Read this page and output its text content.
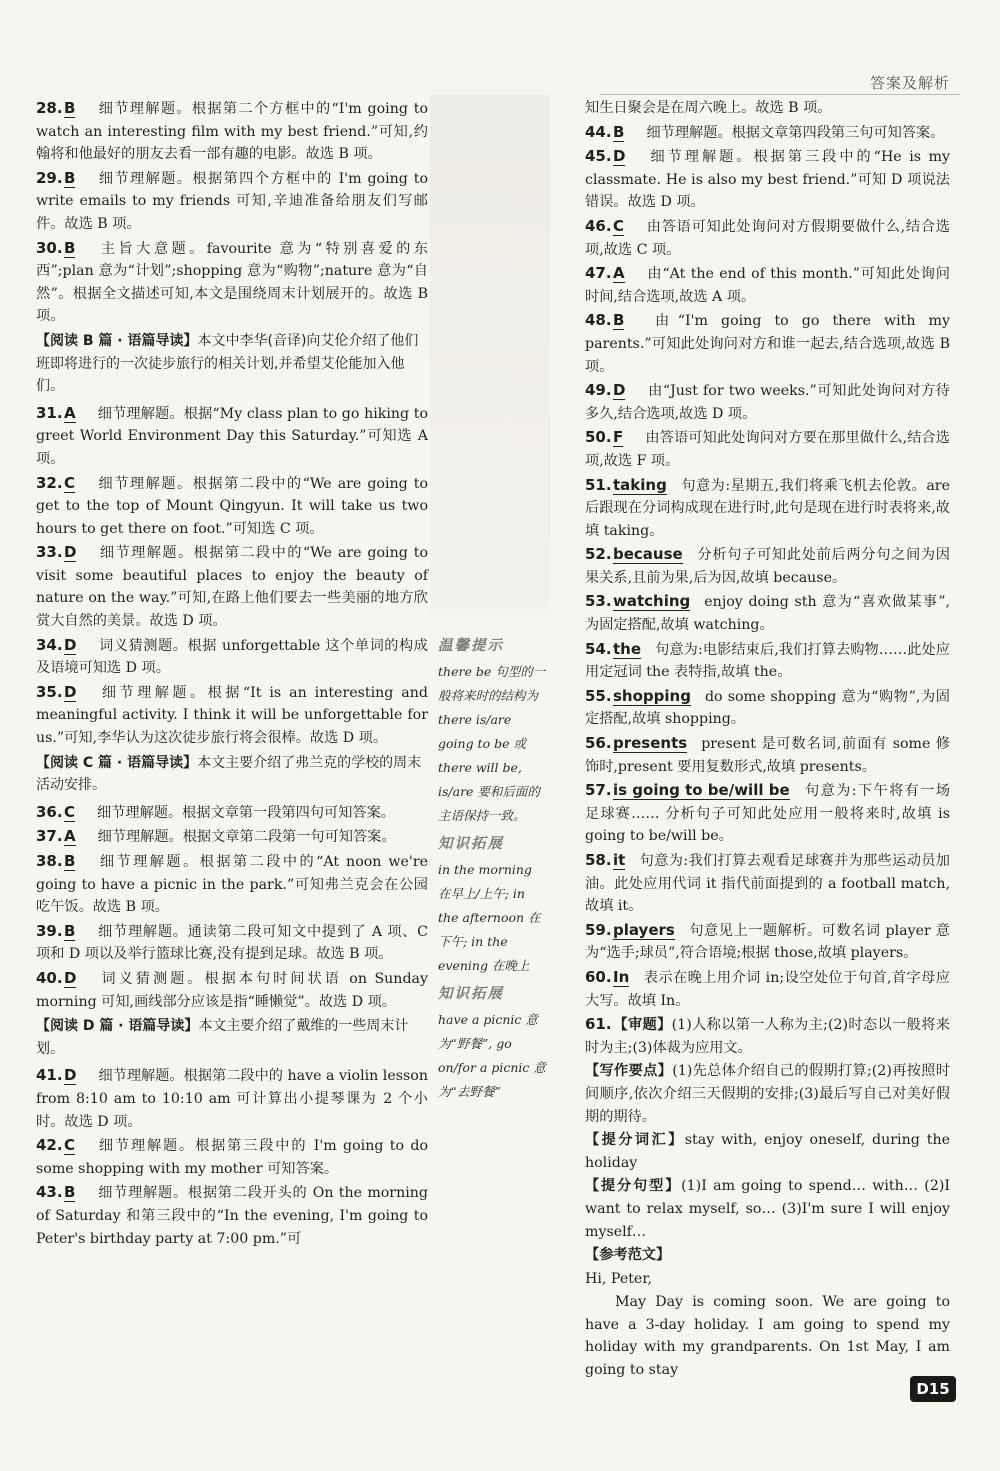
答案及解析
28.B 细节理解题。根据第二个方框中的“I'm going to watch an interesting film with my best friend.”可知,约翰将和他最好的朋友去看一部有趣的电影。故选 B 项。
29.B 细节理解题。根据第四个方框中的 I'm going to write emails to my friends 可知,辛迪准备给朋友们写邮件。故选 B 项。
30.B 主旨大意题。favourite 意为“特别喜爱的东西”;plan 意为“计划”;shopping 意为“购物”;nature 意为“自然”。根据全文描述可知,本文是围绕周末计划展开的。故选 B 项。
【阅读 B 篇 · 语篇导读】本文中李华(音译)向艾伦介绍了他们班即将进行的一次徒步旅行的相关计划,并希望艾伦能加入他们。
31.A 细节理解题。根据“My class plan to go hiking to greet World Environment Day this Saturday.”可知选 A 项。
32.C 细节理解题。根据第二段中的“We are going to get to the top of Mount Qingyun. It will take us two hours to get there on foot.”可知选 C 项。
33.D 细节理解题。根据第二段中的“We are going to visit some beautiful places to enjoy the beauty of nature on the way.”可知,在路上他们要去一些美丽的地方欣赏大自然的美景。故选 D 项。
34.D 词义猜测题。根据 unforgettable 这个单词的构成及语境可知选 D 项。
35.D 细节理解题。根据“It is an interesting and meaningful activity. I think it will be unforgettable for us.”可知,李华认为这次徒步旅行将会很棒。故选 D 项。
【阅读 C 篇 · 语篇导读】本文主要介绍了弗兰克的学校的周末活动安排。
36.C 细节理解题。根据文章第一段第四句可知答案。
37.A 细节理解题。根据文章第二段第一句可知答案。
38.B 细节理解题。根据第二段中的“At noon we're going to have a picnic in the park.”可知弗兰克会在公园吃午饭。故选 B 项。
39.B 细节理解题。通读第二段可知文中提到了 A 项、C 项和 D 项以及举行篮球比赛,没有提到足球。故选 B 项。
40.D 词义猜测题。根据本句时间状语 on Sunday morning 可知,画线部分应该是指“睡懒觉”。故选 D 项。
【阅读 D 篇 · 语篇导读】本文主要介绍了戴维的一些周末计划。
41.D 细节理解题。根据第二段中的 have a violin lesson from 8:10 am to 10:10 am 可计算出小提琴课为 2 个小时。故选 D 项。
42.C 细节理解题。根据第三段中的 I'm going to do some shopping with my mother 可知答案。
43.B 细节理解题。根据第二段开头的 On the morning of Saturday 和第三段中的“In the evening, I'm going to Peter's birthday party at 7:00 pm.”可
温馨提示
there be 句型的一般将来时的结构为 there is/are going to be 或 there will be, is/are 要和后面的主语保持一致。
知识拓展
in the morning 在早上/上午; in the afternoon 在下午; in the evening 在晚上
知识拓展
have a picnic 意为“野餐”, go on/for a picnic 意为“去野餐”
知生日聚会是在周六晚上。故选 B 项。
44.B 细节理解题。根据文章第四段第三句可知答案。
45.D 细节理解题。根据第三段中的“He is my classmate. He is also my best friend.”可知 D 项说法错误。故选 D 项。
46.C 由答语可知此处询问对方假期要做什么,结合选项,故选 C 项。
47.A 由“At the end of this month.”可知此处询问时间,结合选项,故选 A 项。
48.B 由“I'm going to go there with my parents.”可知此处询问对方和谁一起去,结合选项,故选 B 项。
49.D 由“Just for two weeks.”可知此处询问对方待多久,结合选项,故选 D 项。
50.F 由答语可知此处询问对方要在那里做什么,结合选项,故选 F 项。
51.taking 句意为:星期五,我们将乘飞机去伦敦。are 后跟现在分词构成现在进行时,此句是现在进行时表将来,故填 taking。
52.because 分析句子可知此处前后两分句之间为因果关系,且前为果,后为因,故填 because。
53.watching enjoy doing sth 意为“喜欢做某事”,为固定搭配,故填 watching。
54.the 句意为:电影结束后,我们打算去购物……此处应用定冠词 the 表特指,故填 the。
55.shopping do some shopping 意为“购物”,为固定搭配,故填 shopping。
56.presents present 是可数名词,前面有 some 修饰时,present 要用复数形式,故填 presents。
57.is going to be/will be 句意为:下午将有一场足球赛…… 分析句子可知此处应用一般将来时,故填 is going to be/will be。
58.it 句意为:我们打算去观看足球赛并为那些运动员加油。此处应用代词 it 指代前面提到的 a football match,故填 it。
59.players 句意见上一题解析。可数名词 player 意为“选手;球员”,符合语境;根据 those,故填 players。
60.In 表示在晚上用介词 in;设空处位于句首,首字母应大写。故填 In。
61.【审题】(1)人称以第一人称为主;(2)时态以一般将来时为主;(3)体裁为应用文。
【写作要点】(1)先总体介绍自己的假期打算;(2)再按照时间顺序,依次介绍三天假期的安排;(3)最后写自己对美好假期的期待。
【提分词汇】stay with, enjoy oneself, during the holiday
【提分句型】(1)I am going to spend… with… (2)I want to relax myself, so… (3)I'm sure I will enjoy myself…
【参考范文】
Hi, Peter,
May Day is coming soon. We are going to have a 3-day holiday. I am going to spend my holiday with my grandparents. On 1st May, I am going to stay
D15
